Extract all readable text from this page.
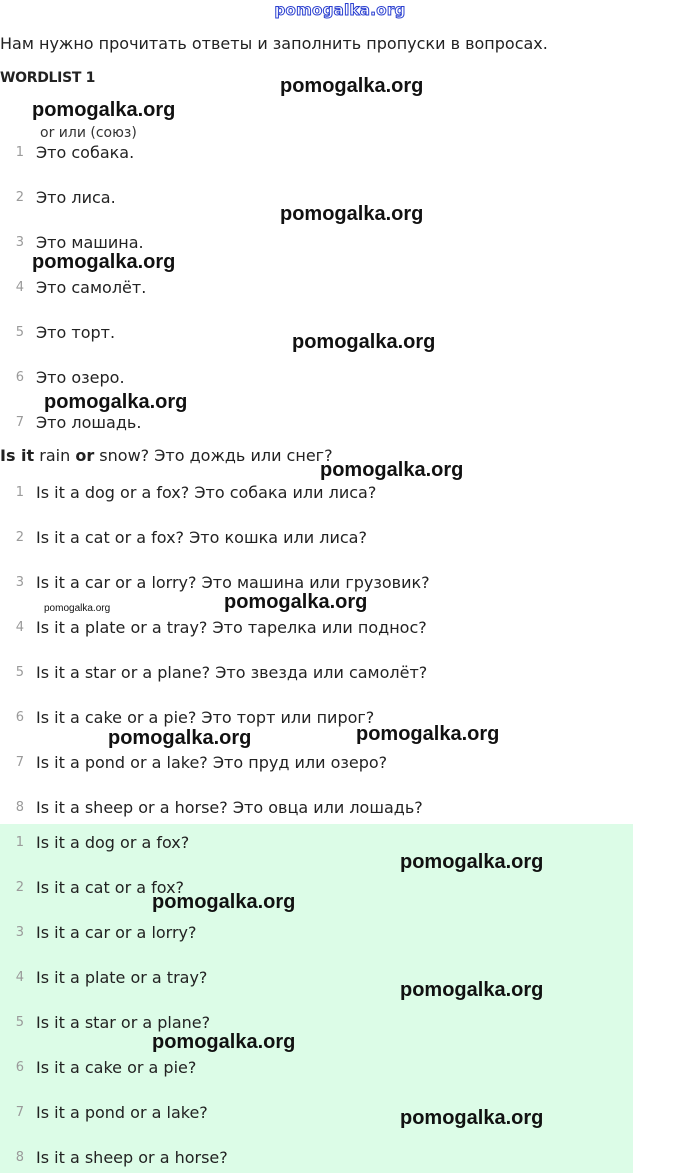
pomogalka.org
Нам нужно прочитать ответы и заполнить пропуски в вопросах.
WORDLIST 1
or или (союз)
1 Это собака.
2 Это лиса.
3 Это машина.
4 Это самолёт.
5 Это торт.
6 Это озеро.
7 Это лошадь.
Is it rain or snow? Это дождь или снег?
1 Is it a dog or a fox? Это собака или лиса?
2 Is it a cat or a fox? Это кошка или лиса?
3 Is it a car or a lorry? Это машина или грузовик?
4 Is it a plate or a tray? Это тарелка или поднос?
5 Is it a star or a plane? Это звезда или самолёт?
6 Is it a cake or a pie? Это торт или пирог?
7 Is it a pond or a lake? Это пруд или озеро?
8 Is it a sheep or a horse? Это овца или лошадь?
1 Is it a dog or a fox?
2 Is it a cat or a fox?
3 Is it a car or a lorry?
4 Is it a plate or a tray?
5 Is it a star or a plane?
6 Is it a cake or a pie?
7 Is it a pond or a lake?
8 Is it a sheep or a horse?
pomogalka.org
pomogalka.org
pomogalka.org
pomogalka.org
pomogalka.org
pomogalka.org
pomogalka.org
pomogalka.org	pomogalka.org
pomogalka.org	pomogalka.org
pomogalka.org
pomogalka.org
pomogalka.org
pomogalka.org
pomogalka.org
